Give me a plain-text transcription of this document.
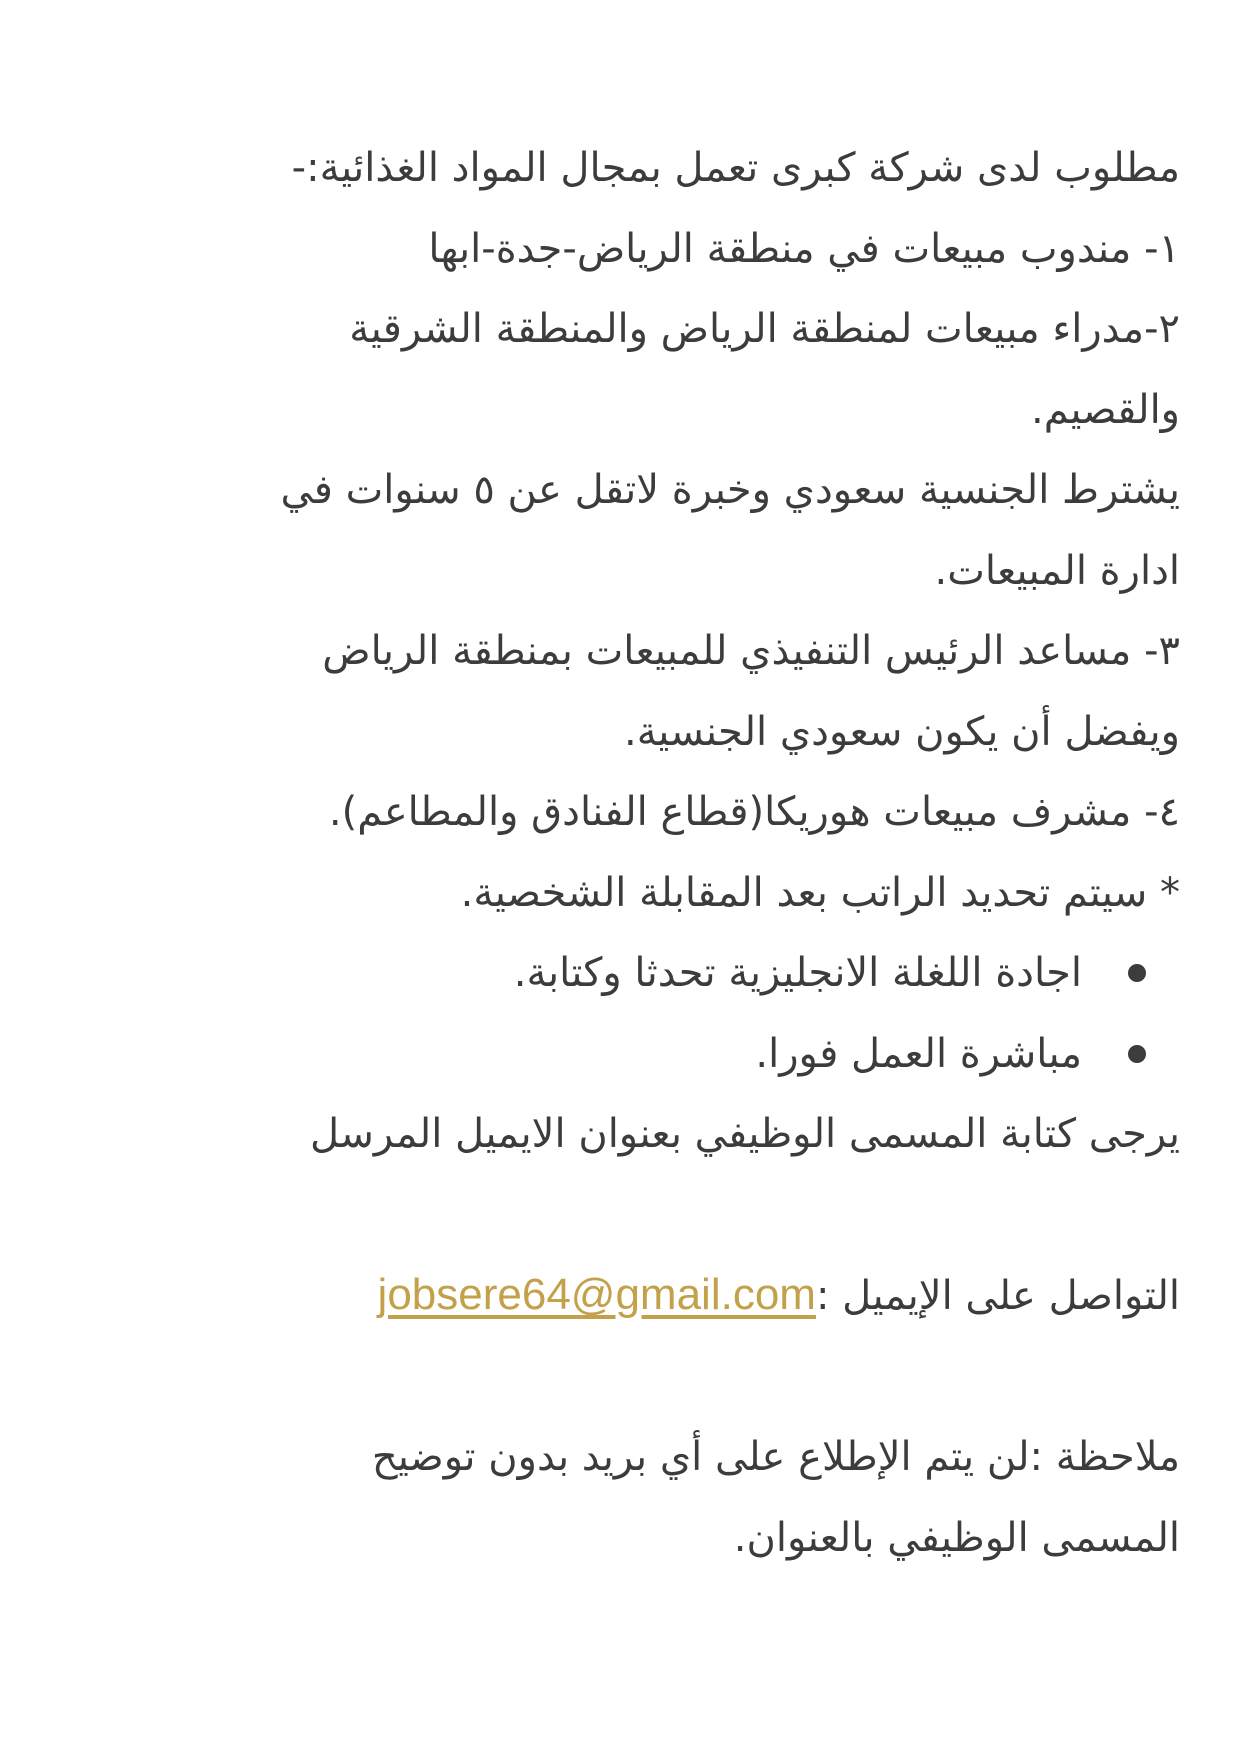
مطلوب لدى شركة كبرى تعمل بمجال المواد الغذائية:-

١- مندوب مبيعات في منطقة الرياض-جدة-ابها

٢-مدراء مبيعات لمنطقة الرياض والمنطقة الشرقية

والقصيم.

يشترط الجنسية سعودي وخبرة لاتقل عن ٥ سنوات في

ادارة المبيعات.

٣- مساعد الرئيس التنفيذي للمبيعات بمنطقة الرياض

ويفضل أن يكون سعودي الجنسية.

٤- مشرف مبيعات هوريكا(قطاع الفنادق والمطاعم).

* سيتم تحديد الراتب بعد المقابلة الشخصية.

اجادة اللغلة الانجليزية تحدثا وكتابة.
مباشرة العمل فورا.

يرجى كتابة المسمى الوظيفي بعنوان الايميل المرسل

التواصل على الإيميل :jobsere64@gmail.com

ملاحظة :لن يتم الإطلاع على أي بريد بدون توضيح

المسمى الوظيفي بالعنوان.
